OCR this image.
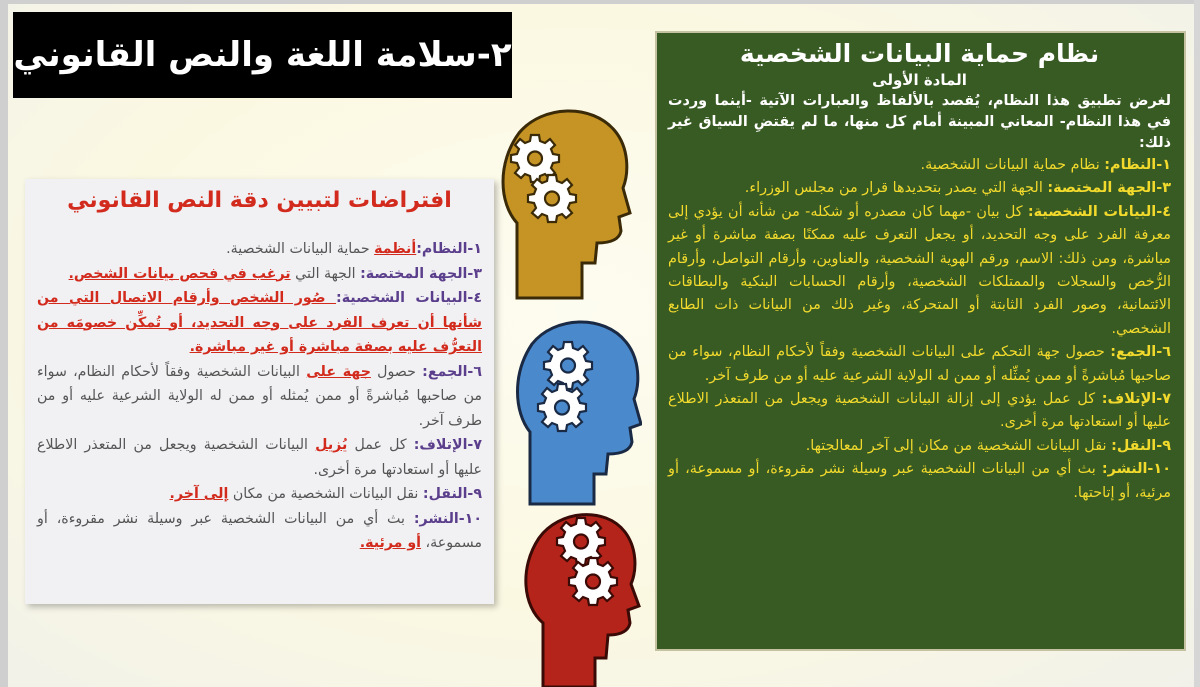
٢-سلامة اللغة والنص القانوني
افتراضات لتبيين دقة النص القانوني

١-النظام:أنظمة حماية البيانات الشخصية.

٣-الجهة المختصة: الجهة التي ترغب في فحص بيانات الشخص.

٤-البيانات الشخصية: صُور الشخص وأرقام الاتصال التي من شأنها أن تعرف الفرد على وجه التحديد، أو تُمكِّن خصومَه من التعرُّف عليه بصفة مباشرة أو غير مباشرة.

٦-الجمع: حصول جهة على البيانات الشخصية وفقاً لأحكام النظام، سواء من صاحبها مُباشرةً أو ممن يُمثله أو ممن له الولاية الشرعية عليه أو من طرف آخر.

٧-الإتلاف: كل عمل يُزيل البيانات الشخصية ويجعل من المتعذر الاطلاع عليها أو استعادتها مرة أخرى.

٩-النقل: نقل البيانات الشخصية من مكان إلى آخر.

١٠-النشر: بث أي من البيانات الشخصية عبر وسيلة نشر مقروءة، أو مسموعة، أو مرئية.

نظام حماية البيانات الشخصية
المادة الأولى

لغرض تطبيق هذا النظام، يُقصد بالألفاظ والعبارات الآتية -أينما وردت في هذا النظام- المعاني المبينة أمام كل منها، ما لم يقتضِ السياق غير ذلك:

١-النظام: نظام حماية البيانات الشخصية.

٣-الجهة المختصة: الجهة التي يصدر بتحديدها قرار من مجلس الوزراء.

٤-البيانات الشخصية: كل بيان -مهما كان مصدره أو شكله- من شأنه أن يؤدي إلى معرفة الفرد على وجه التحديد، أو يجعل التعرف عليه ممكنًا بصفة مباشرة أو غير مباشرة، ومن ذلك: الاسم، ورقم الهوية الشخصية، والعناوين، وأرقام التواصل، وأرقام الرُّخص والسجلات والممتلكات الشخصية، وأرقام الحسابات البنكية والبطاقات الائتمانية، وصور الفرد الثابتة أو المتحركة، وغير ذلك من البيانات ذات الطابع الشخصي.

٦-الجمع: حصول جهة التحكم على البيانات الشخصية وفقاً لأحكام النظام، سواء من صاحبها مُباشرةً أو ممن يُمثِّله أو ممن له الولاية الشرعية عليه أو من طرف آخر.

٧-الإتلاف: كل عمل يؤدي إلى إزالة البيانات الشخصية ويجعل من المتعذر الاطلاع عليها أو استعادتها مرة أخرى.

٩-النقل: نقل البيانات الشخصية من مكان إلى آخر لمعالجتها.

١٠-النشر: بث أي من البيانات الشخصية عبر وسيلة نشر مقروءة، أو مسموعة، أو مرئية، أو إتاحتها.
